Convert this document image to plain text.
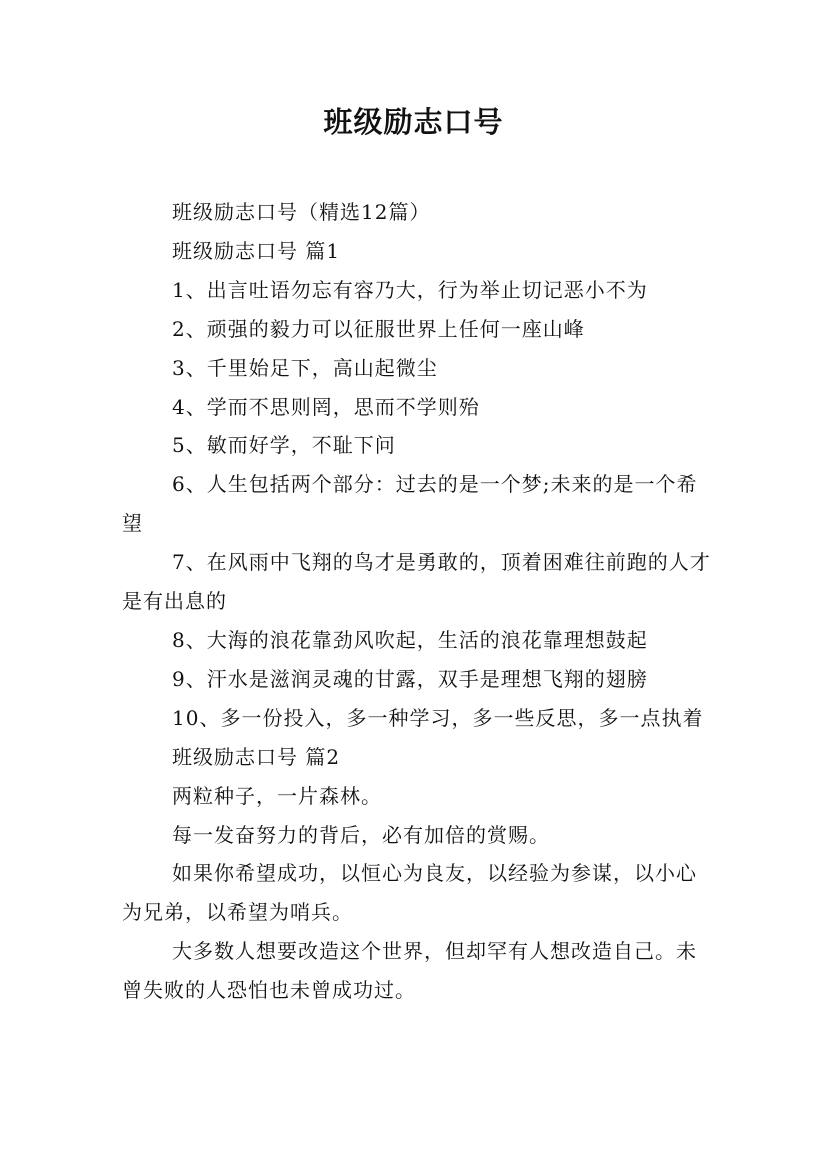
班级励志口号

班级励志口号（精选12篇）

班级励志口号 篇1

1、出言吐语勿忘有容乃大，行为举止切记恶小不为

2、顽强的毅力可以征服世界上任何一座山峰

3、千里始足下，高山起微尘

4、学而不思则罔，思而不学则殆

5、敏而好学，不耻下问

6、人生包括两个部分：过去的是一个梦;未来的是一个希望

7、在风雨中飞翔的鸟才是勇敢的，顶着困难往前跑的人才是有出息的

8、大海的浪花靠劲风吹起，生活的浪花靠理想鼓起

9、汗水是滋润灵魂的甘露，双手是理想飞翔的翅膀

10、多一份投入，多一种学习，多一些反思，多一点执着

班级励志口号 篇2

两粒种子，一片森林。

每一发奋努力的背后，必有加倍的赏赐。

如果你希望成功，以恒心为良友，以经验为参谋，以小心为兄弟，以希望为哨兵。

大多数人想要改造这个世界，但却罕有人想改造自己。未曾失败的人恐怕也未曾成功过。
